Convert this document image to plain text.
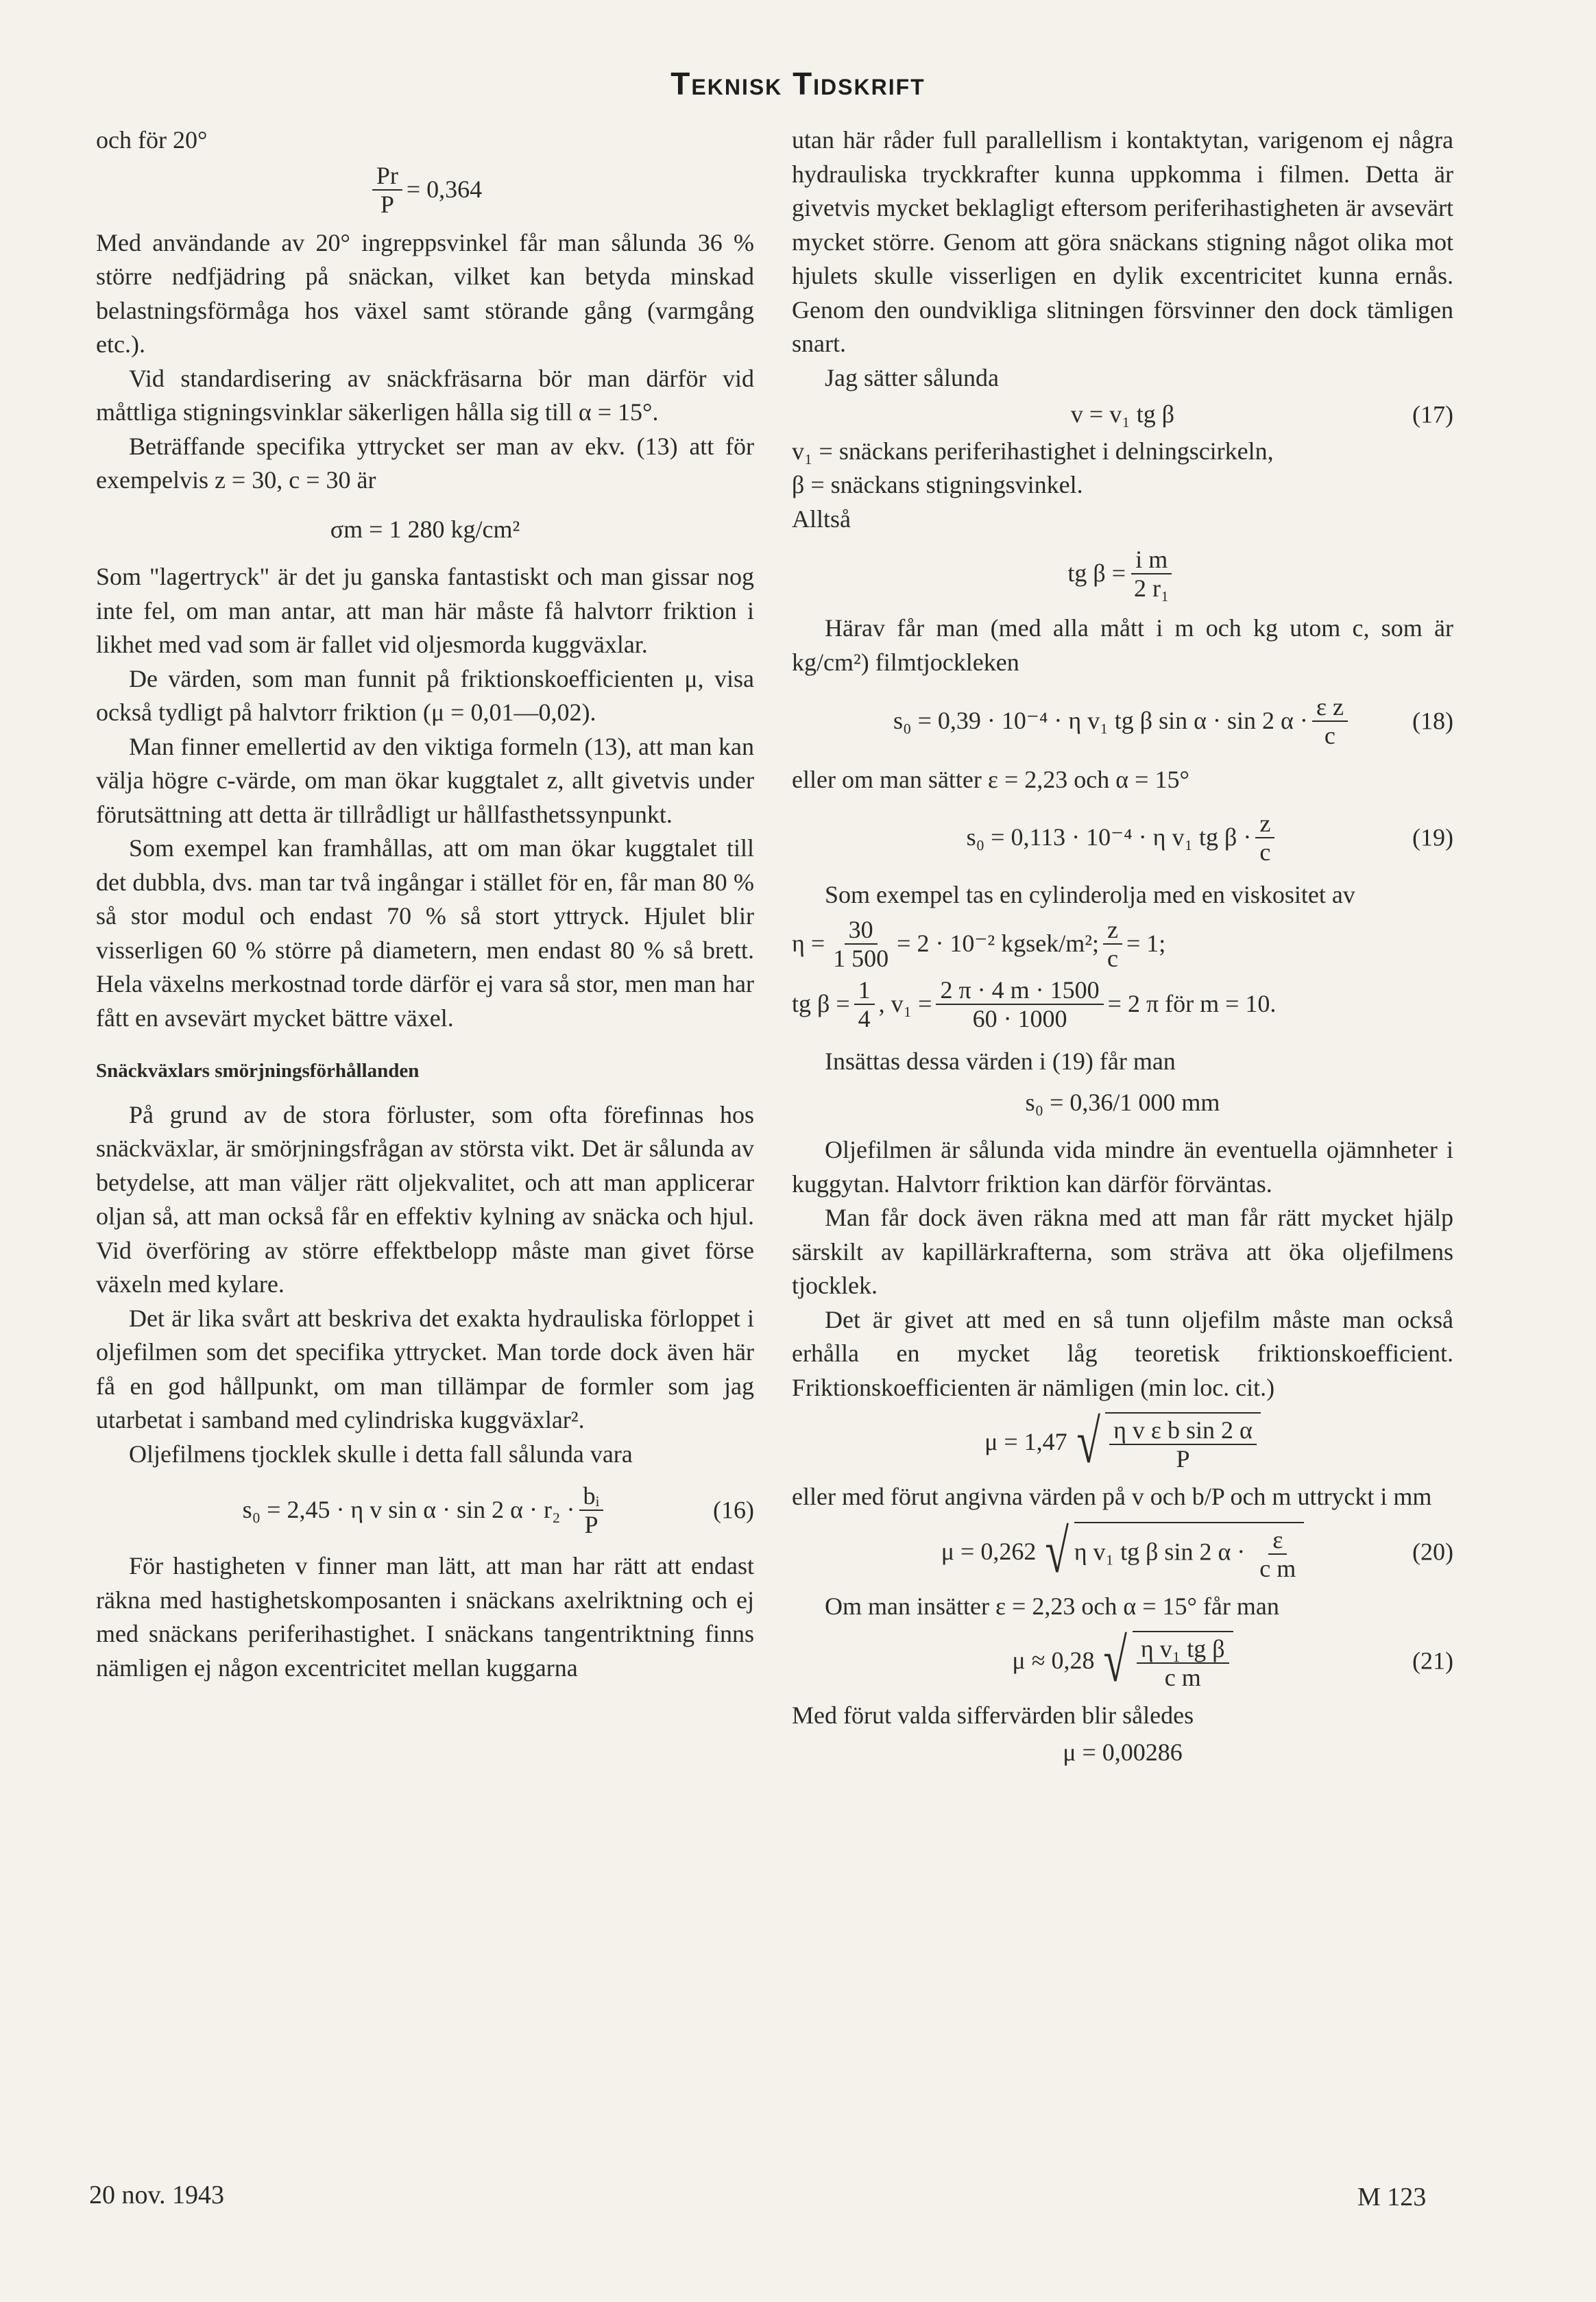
Teknisk Tidskrift

och för 20°

$\frac{Pr}{P} = 0,364$

Med användande av 20° ingreppsvinkel får man sålunda 36 % större nedfjädring på snäckan, vilket kan betyda minskad belastningsförmåga hos växel samt störande gång (varmgång etc.).

Vid standardisering av snäckfräsarna bör man därför vid måttliga stigningsvinklar säkerligen hålla sig till α = 15°.

Beträffande specifika yttrycket ser man av ekv. (13) att för exempelvis z = 30, c = 30 är

σm = 1 280 kg/cm²

Som "lagertryck" är det ju ganska fantastiskt och man gissar nog inte fel, om man antar, att man här måste få halvtorr friktion i likhet med vad som är fallet vid oljesmorda kuggväxlar.

De värden, som man funnit på friktionskoefficienten μ, visa också tydligt på halvtorr friktion (μ = 0,01—0,02).

Man finner emellertid av den viktiga formeln (13), att man kan välja högre c-värde, om man ökar kuggtalet z, allt givetvis under förutsättning att detta är tillrådligt ur hållfasthetssynpunkt.

Som exempel kan framhållas, att om man ökar kuggtalet till det dubbla, dvs. man tar två ingångar i stället för en, får man 80 % så stor modul och endast 70 % så stort yttryck. Hjulet blir visserligen 60 % större på diametern, men endast 80 % så brett. Hela växelns merkostnad torde därför ej vara så stor, men man har fått en avsevärt mycket bättre växel.

Snäckväxlars smörjningsförhållanden

På grund av de stora förluster, som ofta förefinnas hos snäckväxlar, är smörjningsfrågan av största vikt. Det är sålunda av betydelse, att man väljer rätt oljekvalitet, och att man applicerar oljan så, att man också får en effektiv kylning av snäcka och hjul. Vid överföring av större effektbelopp måste man givet förse växeln med kylare.

Det är lika svårt att beskriva det exakta hydrauliska förloppet i oljefilmen som det specifika yttrycket. Man torde dock även här få en god hållpunkt, om man tillämpar de formler som jag utarbetat i samband med cylindriska kuggväxlar².

Oljefilmens tjocklek skulle i detta fall sålunda vara

s₀ = 2,45 · η v sin α · sin 2 $\alpha \cdot r_2 \cdot \frac{\text{bᵢ}}{P}$	(16)

För hastigheten v finner man lätt, att man har rätt att endast räkna med hastighetskomposanten i snäckans axelriktning och ej med snäckans periferihastighet. I snäckans tangentriktning finns nämligen ej någon excentricitet mellan kuggarna

utan här råder full parallellism i kontaktytan, varigenom ej några hydrauliska tryckkrafter kunna uppkomma i filmen. Detta är givetvis mycket beklagligt eftersom periferihastigheten är avsevärt mycket större. Genom att göra snäckans stigning något olika mot hjulets skulle visserligen en dylik excentricitet kunna ernås. Genom den oundvikliga slitningen försvinner den dock tämligen snart.

Jag sätter sålunda

v = v₁ tg β	(17)

v₁ = snäckans periferihastighet i delningscirkeln,

β = snäckans stigningsvinkel.

Alltså

tg $\beta = \frac{\text{i m}}{\text{2 r₁}}$

Härav får man (med alla mått i m och kg utom c, som är kg/cm²) filmtjockleken

s₀ = 0,39 · 10⁻⁴ · η v₁ tg β sin α · sin 2 $\alpha \cdot \frac{\text{ε z}}{c}$	(18)

eller om man sätter ε = 2,23 och α = 15°

s₀ = 0,113 · 10⁻⁴ · η v₁ tg $\beta \cdot \frac{z}{c}$	(19)

Som exempel tas en cylinderolja med en viskositet av

$\eta = \frac{30}{1 500} = 2 \cdot 10^{-2}$ kgsek/m²; $\frac{z}{c} = 1$;
tg $\beta = \frac{1}{4}$ , $v_1 = \frac{2 \pi \cdot 4 m \cdot 1500}{60 \cdot 1000} = 2$ π för m = 10.

Insättas dessa värden i (19) får man

s₀ = 0,36/1 000 mm

Oljefilmen är sålunda vida mindre än eventuella ojämnheter i kuggytan. Halvtorr friktion kan därför förväntas.

Man får dock även räkna med att man får rätt mycket hjälp särskilt av kapillärkrafterna, som sträva att öka oljefilmens tjocklek.

Det är givet att med en så tunn oljefilm måste man också erhålla en mycket låg teoretisk friktionskoefficient. Friktionskoefficienten är nämligen (min loc. cit.)

μ = 1,47 √ $\frac{\text{η v ε b sin 2 α}}{P}$

eller med förut angivna värden på v och b/P och m uttryckt i mm

μ = 0,262 √ η v₁ tg β sin 2 $\alpha \cdot \frac{\varepsilon}{\text{c m}}$	(20)

Om man insätter ε = 2,23 och α = 15° får man

μ ≈ 0,28 √ $\frac{\text{η v₁ tg β}}{\text{c m}}$	(21)

Med förut valda siffervärden blir således

μ = 0,00286
20 nov. 1943	M 123
